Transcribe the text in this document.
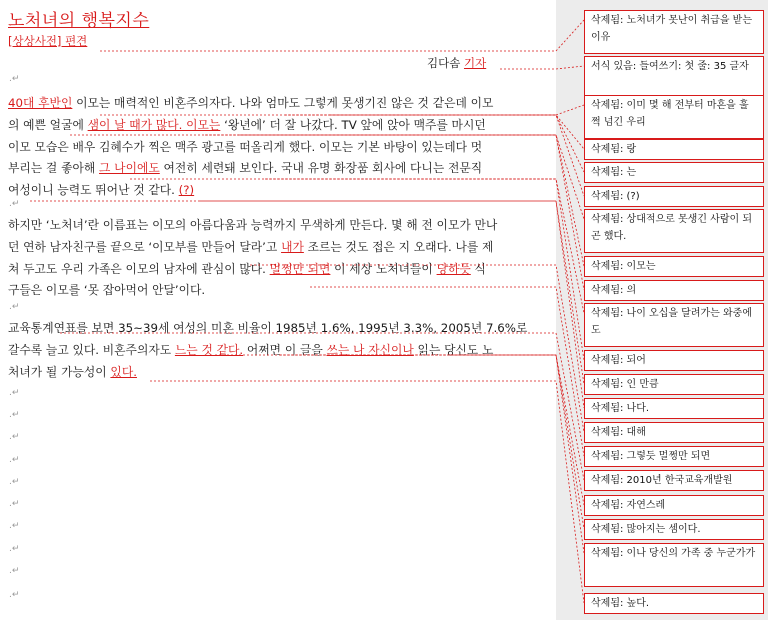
노처녀의 행복지수
[상상사전] 편견
김다솜 기자
40대 후반인 이모는 매력적인 비혼주의자다. 나와 엄마도 그렇게 못생기진 않은 것 같은데 이모
의 예쁜 얼굴에 샘이 날 때가 많다. 이모는 ‘왕년에’ 더 잘 나갔다. TV 앞에 앉아 맥주를 마시던
이모 모습은 배우 김혜수가 찍은 맥주 광고를 떠올리게 했다. 이모는 기본 바탕이 있는데다 멋
부리는 걸 좋아해 그 나이에도 여전히 세련돼 보인다. 국내 유명 화장품 회사에 다니는 전문직
여성이니 능력도 뛰어난 것 같다. (?)
하지만 ‘노처녀’란 이름표는 이모의 아름다움과 능력까지 무색하게 만든다. 몇 해 전 이모가 만나
던 연하 남자친구를 끝으로 ‘이모부를 만들어 달라’고 내가 조르는 것도 접은 지 오래다. 나를 제
쳐 두고도 우리 가족은 이모의 남자에 관심이 많다. 멀쩡만 되면 이 세상 노처녀들이 당하듯 식
구들은 이모를 ‘못 잡아먹어 안달’이다.
교육통계연표를 보면 35~39세 여성의 미혼 비율이 1985년 1.6%, 1995년 3.3%, 2005년 7.6%로
갈수록 늘고 있다. 비혼주의자도 느는 것 같다. 어쩌면 이 글을 쓰는 나 자신이나 읽는 당신도 노
처녀가 될 가능성이 있다.
.↵
.↵
.↵
.↵
.↵
.↵
.↵
.↵
.↵
.↵
.↵
.↵
.↵
삭제됨: 노처녀가 못난이 취급을 받는 이유
서식 있음: 들여쓰기: 첫 줄: 35 글자
삭제됨: 이미 몇 해 전부터 마흔을 훌쩍 넘긴 우리
삭제됨: 랑
삭제됨: 는
삭제됨: (?)
삭제됨: 상대적으로 못생긴 사람이 되곤 했다.
삭제됨: 이모는
삭제됨: 의
삭제됨: 나이 오십을 달려가는 와중에도
삭제됨: 되어
삭제됨: 인 만큼
삭제됨: 나다.
삭제됨: 대해
삭제됨: 그렇듯 멀쩡만 되면
삭제됨: 2010년 한국교육개발원
삭제됨: 자연스레
삭제됨: 많아지는 셈이다.
삭제됨: 이나 당신의 가족 중 누군가가
삭제됨: 높다.
